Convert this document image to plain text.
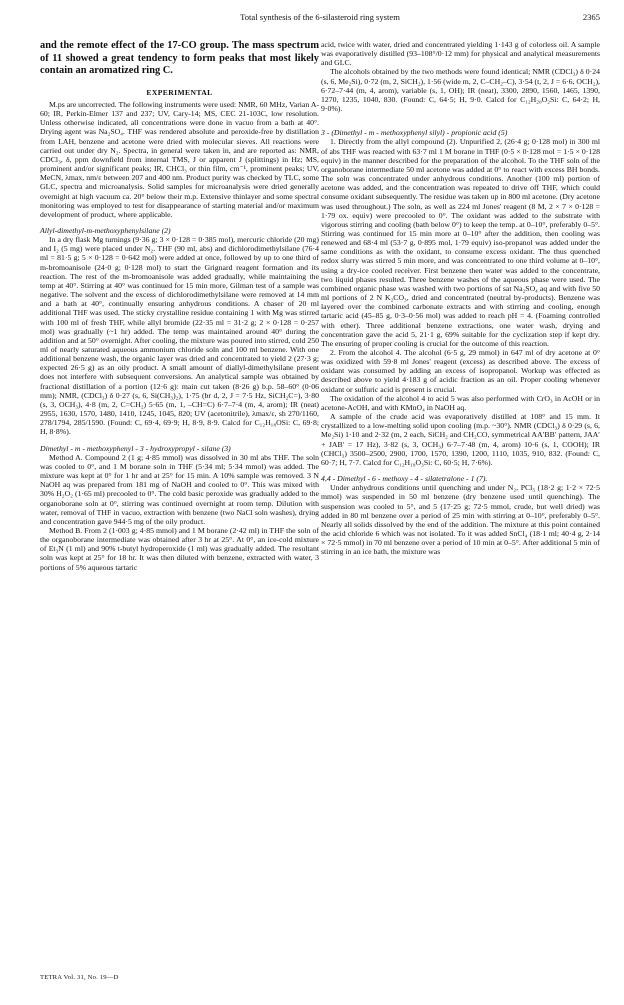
Total synthesis of the 6-silasteroid ring system	2365
and the remote effect of the 17-CO group. The mass spectrum of 11 showed a great tendency to form peaks that most likely contain an aromatized ring C.
EXPERIMENTAL

M.ps are uncorrected. The following instruments were used: NMR, 60 MHz, Varian A-60; IR, Perkin-Elmer 137 and 237; UV, Cary-14; MS, CEC 21-103C, low resolution. Unless otherwise indicated, all concentrations were done in vacuo from a bath at 40°. Drying agent was Na₂SO₄. THF was rendered absolute and peroxide-free by distillation from LAH, benzene and acetone were dried with molecular sieves. All reactions were carried out under dry N₂. Spectra, in general were taken in, and are reported as: NMR, CDCl₃, δ, ppm downfield from internal TMS, J or apparent J (splittings) in Hz; MS, prominent and/or significant peaks; IR, CHCl₃ or thin film, cm⁻¹, prominent peaks; UV, MeCN, λmax, nm/ε between 207 and 400 nm. Product purity was checked by TLC, some GLC, spectra and microanalysis. Solid samples for microanalysis were dried generally overnight at high vacuum ca. 20° below their m.p. Extensive thinlayer and some spectral monitoring was employed to test for disappearance of starting material and/or maximum development of product, where applicable.

Allyl-dimethyl-m-methoxyphenylsilane (2)

In a dry flask Mg turnings (9·36 g; 3 × 0·128 = 0·385 mol), mercuric chloride (20 mg) and I₂ (5 mg) were placed under N₂. THF (90 ml, abs) and dichlorodimethylsilane (76·4 ml = 81·5 g; 5 × 0·128 = 0·642 mol) were added at once, followed by up to one third of m-bromoanisole (24·0 g; 0·128 mol) to start the Grignard reagent formation and its reaction. The rest of the m-bromoanisole was added gradually, while maintaining the temp at 40°. Stirring at 40° was continued for 15 min more, Gilman test of a sample was negative. The solvent and the excess of dichlorodimethylsilane were removed at 14 mm and a bath at 40°, continually ensuring anhydrous conditions. A chaser of 20 ml additional THF was used. The sticky crystalline residue containing 1 with Mg was stirred with 100 ml of fresh THF, while allyl bromide (22·35 ml = 31·2 g; 2 × 0·128 = 0·257 mol) was gradually (~1 hr) added. The temp was maintained around 40° during the addition and at 50° overnight. After cooling, the mixture was poured into stirred, cold 250 ml of nearly saturated aqueous ammonium chloride soln and 100 ml benzene. With one additional benzene wash, the organic layer was dried and concentrated to yield 2 (27·3 g; expected 26·5 g) as an oily product. A small amount of diallyl-dimethylsilane present does not interfere with subsequent conversions. An analytical sample was obtained by fractional distillation of a portion (12·6 g): main cut taken (8·26 g) b.p. 58–60° (0·06 mm); NMR, (CDCl₃) δ 0·27 (s, 6, Si(CH₃)₂), 1·75 (br d, 2, J = 7·5 Hz, SiCH₂C=), 3·80 (s, 3, OCH₃), 4·8 (m, 2, C=CH₂) 5·65 (m, 1, –CH=C) 6·7–7·4 (m, 4, arom); IR (neat) 2955, 1630, 1570, 1480, 1410, 1245, 1045, 820; UV (acetonitrile), λmax/ε, sh 270/1160, 278/1794, 285/1590. (Found: C, 69·4, 69·9; H, 8·9, 8·9. Calcd for C₁₂H₁₈OSi: C, 69·8; H, 8·8%).

Dimethyl - m - methoxyphenyl - 3 - hydroxypropyl - silane (3)

Method A. Compound 2 (1 g; 4·85 mmol) was dissolved in 30 ml abs THF. The soln was cooled to 0°, and 1 M borane soln in THF (5·34 ml; 5·34 mmol) was added. The mixture was kept at 0° for 1 hr and at 25° for 15 min. A 10% sample was removed. 3 N NaOH aq was prepared from 181 mg of NaOH and cooled to 0°. This was mixed with 30% H₂O₂ (1·65 ml) precooled to 0°. The cold basic peroxide was gradually added to the organoborane soln at 0°, stirring was continued overnight at room temp. Dilution with water, removal of THF in vacuo, extraction with benzene (two NaCl soln washes), drying and concentration gave 944·5 mg of the oily product.

Method B. From 2 (1·003 g; 4·85 mmol) and 1 M borane (2·42 ml) in THF the soln of the organoborane intermediate was obtained after 3 hr at 25°. At 0°, an ice-cold mixture of Et₃N (1 ml) and 90% t-butyl hydroperoxide (1 ml) was gradually added. The resultant soln was kept at 25° for 18 hr. It was then diluted with benzene, extracted with water, 3 portions of 5% aqueous tartaric

acid, twice with water, dried and concentrated yielding 1·143 g of colorless oil. A sample was evaporatively distilled (93–108°/0·12 mm) for physical and analytical measurements and GLC.

The alcohols obtained by the two methods were found identical; NMR (CDCl₃) δ 0·24 (s, 6, Me₂Si), 0·72 (m, 2, SiCH₂), 1·56 (wide m, 2, C–CH₂–C), 3·54 (t, 2, J = 6·6, OCH₂), 6·72–7·44 (m, 4, arom), variable (s, 1, OH); IR (neat), 3300, 2890, 1560, 1465, 1390, 1270, 1235, 1040, 830. (Found: C, 64·5; H, 9·0. Calcd for C₁₂H₂₀O₂Si: C, 64·2; H, 9·0%).

3 - (Dimethyl - m - methoxyphenyl silyl) - propionic acid (5)

1. Directly from the allyl compound (2). Unpurified 2, (26·4 g; 0·128 mol) in 300 ml of abs THF was reacted with 63·7 ml 1 M borane in THF (0·5 × 0·128 mol = 1·5 × 0·128 equiv) in the manner described for the preparation of the alcohol. To the THF soln of the organoborane intermediate 50 ml acetone was added at 0° to react with excess BH bonds. The soln was concentrated under anhydrous conditions. Another (100 ml) portion of acetone was added, and the concentration was repeated to drive off THF, which could consume oxidant subsequently. The residue was taken up in 800 ml acetone. (Dry acetone was used throughout.) The soln, as well as 224 ml Jones' reagent (8 M, 2 × 7 × 0·128 = 1·79 ox. equiv) were precooled to 0°. The oxidant was added to the substrate with vigorous stirring and cooling (bath below 0°) to keep the temp. at 0–10°, preferably 0–5°. Stirring was continued for 15 min more at 0–10° after the addition, then cooling was renewed and 68·4 ml (53·7 g, 0·895 mol, 1·79 equiv) iso-propanol was added under the same conditions as with the oxidant, to consume excess oxidant. The thus quenched redox slurry was stirred 5 min more, and was concentrated to one third volume at 0–10°, using a dry-ice cooled receiver. First benzene then water was added to the concentrate, two liquid phases resulted. Three benzene washes of the aqueous phase were used. The combined organic phase was washed with two portions of sat Na₂SO₄ aq and with five 50 ml portions of 2 N K₂CO₃, dried and concentrated (neutral by-products). Benzene was layered over the combined carbonate extracts and with stirring and cooling, enough tartaric acid (45–85 g, 0·3–0·56 mol) was added to reach pH = 4. (Foaming controlled with ether). Three additional benzene extractions, one water wash, drying and concentration gave the acid 5, 21·1 g, 69% suitable for the cyclization step if kept dry. The ensuring of proper cooling is crucial for the outcome of this reaction.

2. From the alcohol 4. The alcohol (6·5 g, 29 mmol) in 647 ml of dry acetone at 0° was oxidized with 59·8 ml Jones' reagent (excess) as described above. The excess of oxidant was consumed by adding an excess of isopropanol. Workup was effected as described above to yield 4·183 g of acidic fraction as an oil. Proper cooling whenever oxidant or sulfuric acid is present is crucial.

The oxidation of the alcohol 4 to acid 5 was also performed with CrO₃ in AcOH or in acetone-AcOH, and with KMnO₄ in NaOH aq.

A sample of the crude acid was evaporatively distilled at 108° and 15 mm. It crystallized to a low-melting solid upon cooling (m.p. ~30°). NMR (CDCl₃) δ 0·29 (s, 6, Me₂Si) 1·10 and 2·32 (m, 2 each, SiCH₂ and CH₂CO, symmetrical AA′BB′ pattern, JAA′ + JAB′ = 17 Hz), 3·82 (s, 3, OCH₃) 6·7–7·48 (m, 4, arom) 10·6 (s, 1, COOH); IR (CHCl₃) 3500–2500, 2900, 1700, 1570, 1390, 1200, 1110, 1035, 910, 832. (Found: C, 60·7; H, 7·7. Calcd for C₁₂H₁₈O₃Si: C, 60·5; H, 7·6%).

4,4 - Dimethyl - 6 - methoxy - 4 - silatetralone - 1 (7).

Under anhydrous conditions until quenching and under N₂, PCl₅ (18·2 g; 1·2 × 72·5 mmol) was suspended in 50 ml benzene (dry benzene used until quenching). The suspension was cooled to 5°, and 5 (17·25 g; 72·5 mmol, crude, but well dried) was added in 80 ml benzene over a period of 25 min with stirring at 0–10°, preferably 0–5°. Nearly all solids dissolved by the end of the addition. The mixture at this point contained the acid chloride 6 which was not isolated. To it was added SnCl₄ (18·1 ml; 40·4 g, 2·14 × 72·5 mmol) in 70 ml benzene over a period of 10 min at 0–5°. After additional 5 min of stirring in an ice bath, the mixture was

TETRA Vol. 31, No. 19—D
